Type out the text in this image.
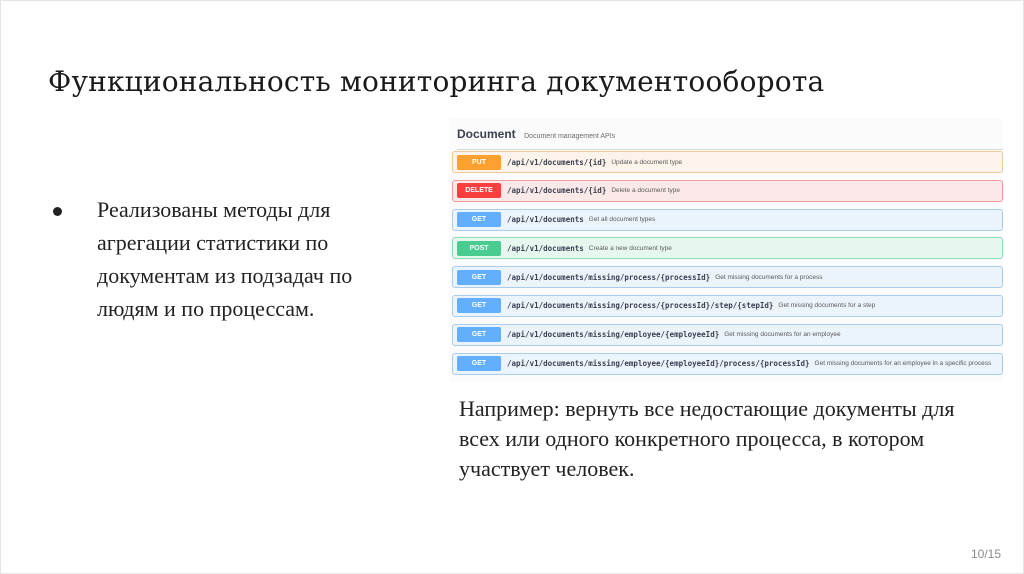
Функциональность мониторинга документооборота
Реализованы методы для агрегации статистики по документам из подзадач по людям и по процессам.
Document Document management APIs
PUT	/api/v1/documents/{id} Update a document type
DELETE	/api/v1/documents/{id} Delete a document type
GET	/api/v1/documents Get all document types
POST	/api/v1/documents Create a new document type
GET	/api/v1/documents/missing/process/{processId} Get missing documents for a process
GET	/api/v1/documents/missing/process/{processId}/step/{stepId} Get missing documents for a step
GET	/api/v1/documents/missing/employee/{employeeId} Get missing documents for an employee
GET	/api/v1/documents/missing/employee/{employeeId}/process/{processId} Get missing documents for an employee in a specific process
Например: вернуть все недостающие документы для всех или одного конкретного процесса, в котором участвует человек.
10/15
